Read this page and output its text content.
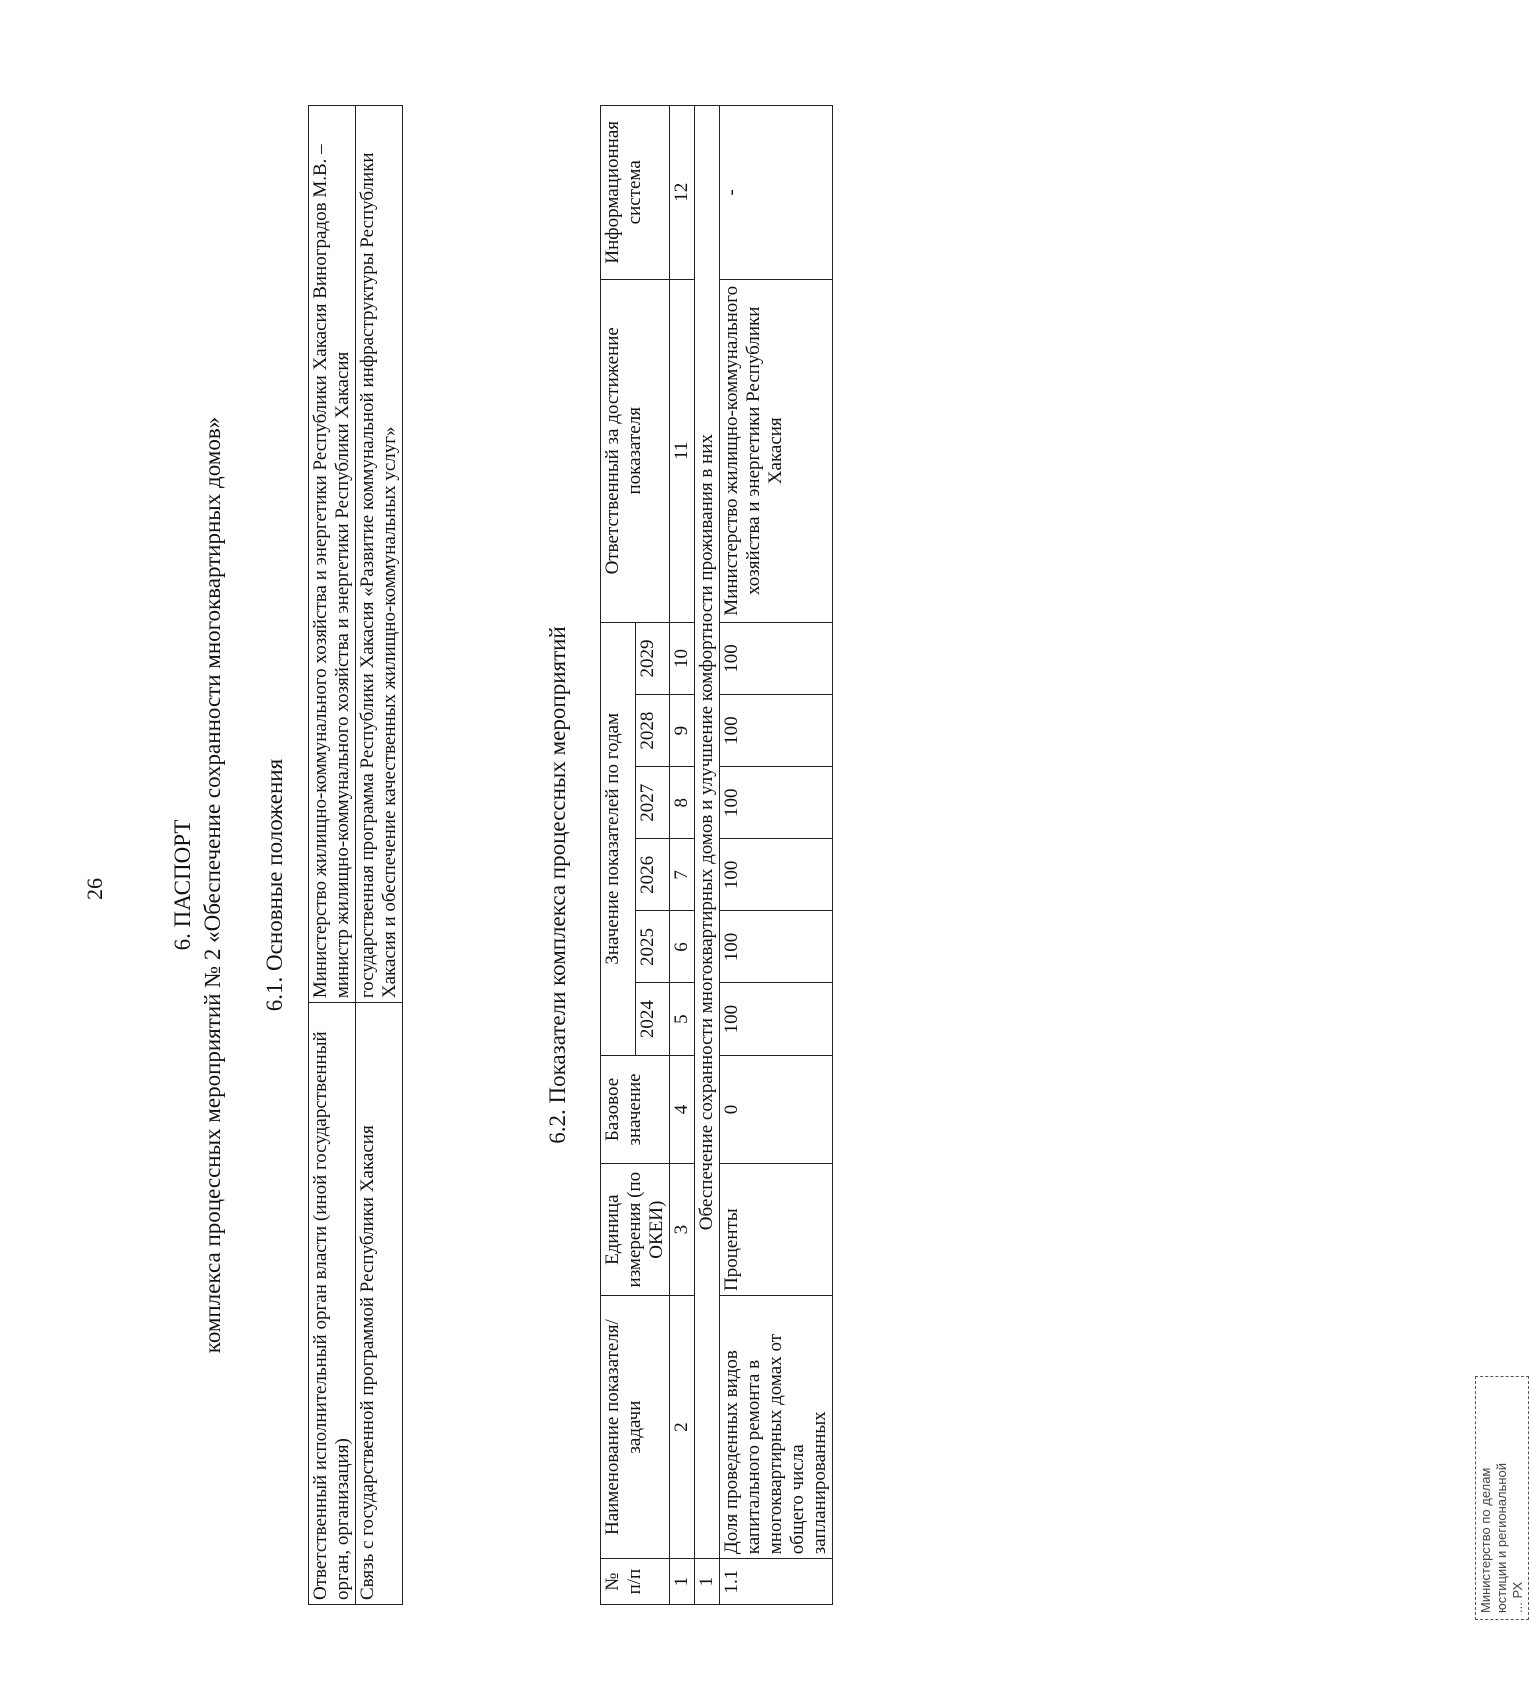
26	6. ПАСПОРТ комплекса процессных мероприятий № 2 «Обеспечение сохранности многоквартирных домов» 6.1. Основные положения
Ответственный исполнительный орган власти (иной государственный орган, организация)	Министерство жилищно-коммунального хозяйства и энергетики Республики Хакасия Виноградов М.В. – министр жилищно-коммунального хозяйства и энергетики Республики Хакасия
Связь с государственной программой Республики Хакасия	государственная программа Республики Хакасия «Развитие коммунальной инфраструктуры Республики Хакасия и обеспечение качественных жилищно-коммунальных услуг»	6.2. Показатели комплекса процессных мероприятий
№ п/п	Наименование показателя/ задачи	Единица измерения (по ОКЕИ)	Базовое значение	Значение показателей по годам						Ответственный за достижение показателя	Информационная система
				2024	2025	2026	2027	2028	2029		
1	2	3	4	5	6	7	8	9	10	11	12
1	Обеспечение сохранности многоквартирных домов и улучшение комфортности проживания в них										
1.1	Доля проведенных видов капитального ремонта в многоквартирных домах от общего числа запланированных	Проценты	0	100	100	100	100	100	100	Министерство жилищно-коммунального хозяйства и энергетики Республики Хакасия	-
Министерство по делам юстиции и региональной ... РХ
